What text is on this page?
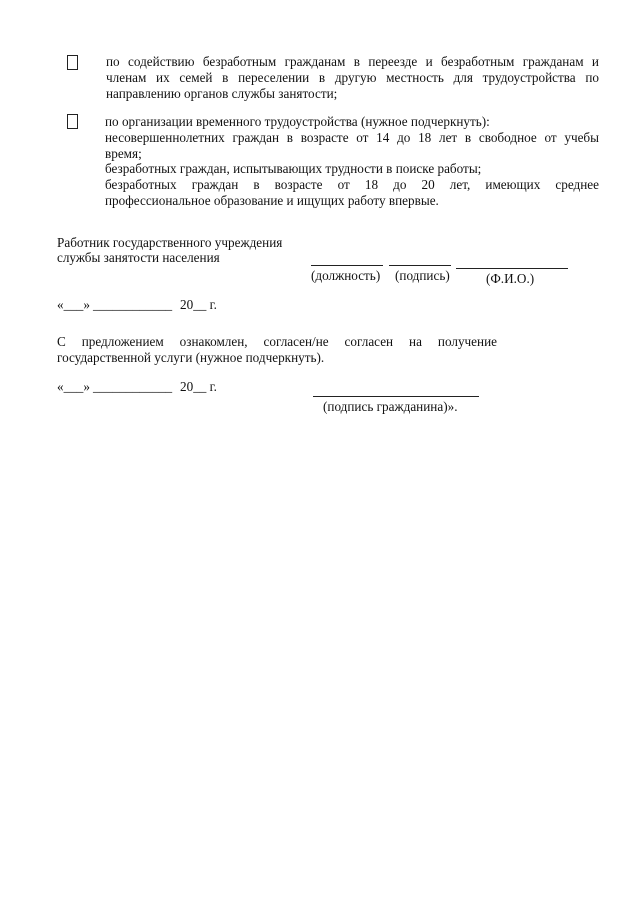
по содействию безработным гражданам в переезде и безработным гражданам и
членам их семей в переселении в другую местность для трудоустройства по
направлению органов службы занятости;
по организации временного трудоустройства (нужное подчеркнуть):
несовершеннолетних граждан в возрасте от 14 до 18 лет в свободное от учебы
время;
безработных граждан, испытывающих трудности в поиске работы;
безработных граждан в возрасте от 18 до 20 лет, имеющих среднее
профессиональное образование и ищущих работу впервые.
Работник государственного учреждения
службы занятости населения
(должность) (подпись)	(Ф.И.О.)
«___» ____________ 20__ г.
С предложением ознакомлен, согласен/не согласен на получение
государственной услуги (нужное подчеркнуть).
«___» ____________ 20__ г.
(подпись гражданина)».
